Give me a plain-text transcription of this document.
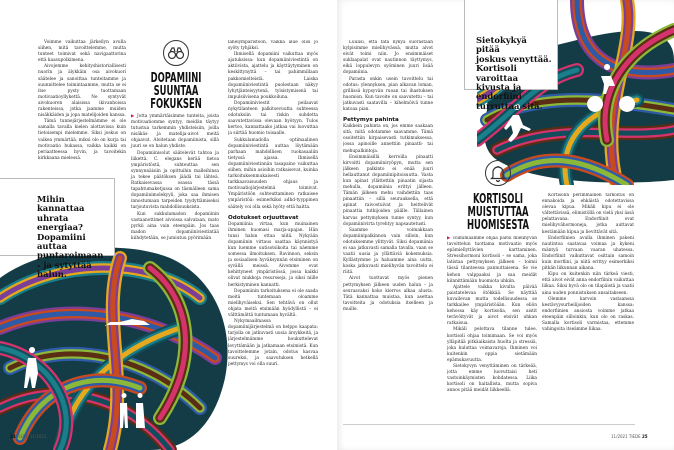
Voimme vaikuttaa järkeilyn avulla siihen, mitä tavoittelemme, mutta tunteet toimivat sekä navigaattorina että kaasupolkimena.

Aivojemme kehityshistoriallisesti nuorin ja älykkäin osa aivokuori säätelee ja sanoittaa tunteitamme ja suunnittelee toimintaamme, mutta se ei itse pysty tuottamaan motivaatioyllykettä. Ne syntyvät aivokuoren alaisissa ikivanhoissa rakenteissa, jotka jaamme muiden nisäkkäiden ja jopa matelijoiden kanssa.

Tämä tunnejärjestelmämme ei ole samalla tavalla kielen alottavissa kuin tietoisempi mielemme. Siksi joskus on vaikea ymmärtää, miksi olo on kurja tai motivaatio hukassa, vaikka kaikki on periaatteessa hyvin, ja tavoitekin kirkkaana mielessä.

DOPAMIINI
SUUNTAA
FOKUKSEN

▶ Jotta ymmärtäisimme tunteita, joista motivaatiomme syntyy, meidän täytyy tutustua tarkemmin yhdisteisiin, joilla nisäkäs- ja matelija-aivot meitä ohjaavat. Aloitetaan dopamiinista, sillä juuri se on halun yhdiste.

Dopamiinisolut säätelevät tahtoa ja liikettä. C. elegans kerää tietoa ympäristöstä, suhteuttaa sen synnynnäisiin ja opittuihin malleihinsa ja tekee päätöksen jäädä tai lähteä. Ratkaisevassa osassa tässä tapahtumaketjussa on täsmälleen sama dopamiinimolekyyli, joka saa ihmisen innostumaan tarpeiden tyydyttämiseksi tarjoutuvista mahdollisuuksista.

Kun sukkulamadon dopamiinin vastaanottimet aivoissa salvataan, mato pyrkii aina vain eteenpäin. Jos taas madon dopamiiniviestintää kiihdytetään, se jumiutuu pyörimään

läheiympäristöön, vaikka alue olisi jo syöty tyhjäksi.

Ihmisellä dopamiini vaikuttaa myös ajatuksissa: kun dopamiiniviestintä on aktiivista, ajattelu ja käyttäytyminen on keskittynyttä – tai pahimmillaan pakkomielteistä. Laiska dopamiiniviestintä puolestaan näkyy lyhytjänteisyytenä, tylsistymisenä tai impulsiivisena poukkoiluna.

Dopamiiniviestit peilaavat nykytilanteen palkitsevuutta suhteessa odotuksiin tai riskin suhdetta saavutettavissa olevaan hyötyyn. Tulos kertoo, kannattaako jatkaa vai luovuttaa ja siirtää huomio toisaalle.

Sukkulamadolla optimaalinen dopamiiniviestintä auttaa löytämään parhaan mahdollisen ruokasaaliin tietyssä ajassa. Ihmisellä dopamiiniviestinnän tasapaino vaikuttaa siihen, mihin asioihin ratkaisevat, kuinka tarkoituksenmukaisesti tarkkaavaisuuden ohjaus ja motivaatiojärjestelmä toimivat. Ympäristöön suhteuttaminen ratkaisee ympäristöä: esimerkiksi adhd-tyyppinen säätely voi olla sekä hyöty että haitta.

Odotukset orjuuttavat

Dopamiinia virtaa, kun muinainen ihminen huomasi marja-apajan. Hän tunsi halun ottaa niitä. Nykyään dopamiinin virtaus saattaa käynnistyä kun luemme uutisotsikoita tai näemme somessa ilmoituksen. Ravinnon, seksin ja sosiaalisen hyväksynnän etsiminen on syvällä meissä. Aivomme ovat kehittyneet ympäristössä, jossa kaikki olivat niukkoja resursseja, ja siksi niille herkistyminen kannatti.

Dopamiinin tarkoituksena ei ole saada meitä tuntemaan oloamme mielihyväiseksi. Sen tehtävä on ollut ohjata meitä etsimään hyödyllistä – ei välttämättä tuntumaan hyvältä.

Nykymaailmassa dopamiinijärjestelmä on helppo kaapata: tarjolla on jatkuvasti uusia ärsykkeitä, ja järjestelmämme houkuttelevat levyttämään ja jatkamaan etsimistä. Kun tavoittelemme jotain, odotus kasvaa suureksi, ja saavutuksen hetkellä pettymys voi olla suuri.

Mihin kannattaa
uhrata energiaa?
Dopamiini auttaa
puntaroimaan
- ja sytyttää halun.
24 TIEDE 11/2021

Luulisi, että tätä nykyä suorastaan kylpisimme mielihyvässä, mutta aivot eivät toimi niin. Jo ensimmäiset suklaapalat ovat nautinnon täyttymys, eikä loppulevyn syöminen juuri lisää dopamiinia.

Parasta onkin usein tavoittelu tai odotus: ylennyksen, pian alkavan loman, grillissä kypsyvän ruoan tai ihastuksen huomion. Kun tavoite on saavutettu – tai jatkuvasti saatavilla – kihelmöivä tunne katoaa pian.

Pettymys pahinta

Kaikkein pahinta on, jos emme saakaan sitä, mitä odotamme saavamme. Tämä osoitettiin kirpaisevasti tutkimuksessa, jossa apinoille annettiin pinaatti- tai mehupalkintoja.

Ensimmäisillä kerroilla pinaatti kirvoitti dopamiiniryöpyn, mutta sen jälkeen palkinto ei enää juuri hellauttanut dopamiinipitoisuutta. Vasta kun apinat yllättettiin pinaatin sijasta mehulla, dopamiinia erittyi jälleen. Tämän jälkeen mehu vaihdettiin taas pinaattiin – sillä seurauksella, että apinat raivostuivat ja heittelivät pinaattia tutkijoiden päälle. Tällainen karvas pettymyksen tunne syntyy, kun dopamiinivirta tyrehtyy napsautetusti.

Saamme voimakkaan dopamiinipalkinnon vain silloin, kun odotuksemme ylittyvät. Siksi dopamiinia ei saa jatkuvasti samalla tavalla, vaan se vaatii uusia ja yllättäviä kokemuksia. Kyllästymme ja haluamme aina uutta, koska jatkuvasti mielihyvän tavoittelu ei riitä.

Aivot tuottavat myös pienen pettymyksen jälkeen uuden halun – ja seuraavaksi koko kierros alkaa alusta. Tätä kannattaa muistaa, kun asettaa tavoitteita ja odotuksia itselleen ja muille.

Sietokykyä pitää
joskus venyttää.
Kortisoli varoittaa
kivusta ja endorfiini
turruttaa sitä.
KORTISOLI
MUISTUTTAA
HUOMISESTA

▶ Toimimaamme ohjaa paitsi mielihyvän tavoittelun tuottama motivaatio myös epämiellyttävien karttaminen. Stressihormoni kortisoli – se sama, joka latistaa pettymyksen jälkeen – toimii tässä tilanteessa pannuttaisena. Se vie kehon valppaaksi ja saa meidät kiinnittämään huomiota uhkiin.

Ajattele vaikka kivulta päivää paistatelevaa ötökkää. Se näyttää kuvailevan mutta todellisuudessa se tarkkailee ympäristöään. Kun eliön kehossa käy kortisolia, sen aistit terävöityvät ja aivot etsivät uhkan ratkaisua.

Mikäli pelottava tilanne tulee, kortisoli ohjaa toimimaan. Se voi myös ylläpitää pitkäaikaista huolta ja stressiä, joka kuluttaa voimavaroja. Ihminen voi kuitenkin oppia sietämään epämukavuutta.

Sietokyvyn venyttäminen on tärkeää, jotta emme luovuttaisi heti vastoinkäymisten kohdatessa. Liika kortisoli on haitallista, mutta sopiva annos pitää meidät liikkeellä.

Kortisolin perimmäinen tarkoitus on ennakoida ja ehkäistä odotettavissa olevaa kipua. Mikäli kipu ei ole vältettävissä, elimistöllä on vielä yksi ässä pelattavana. Endorfiinit ovat mielihyvähormoneja, jotka auttavat kestämään kipua ja lievittävät sitä.

Endorfiinien avulla ihminen pakeni nautintoa saatavaa voimaa ja kykeni mäntyä turvaan vaaran uhatessa. Endorfiinit vaikuttavat osittain samoin kuin morfiini, ja niitä erittyy esimerkiksi pitkän liikunnan aikana.

Kipu on kuitenkin niin tärkeä viesti, että aivot eivät anna endorfiinin vaikuttaa liikaa. Siksi hyvä olo on tilapäistä ja vaatii aina uuden ponnistuksen ansaitakseen.

Olemme karvoin vastaanssa kestävyysurheilijoiden kanssa: endorfiinien ansiosta voimme jatkaa eteenpäin silloinkin, kun olo on raskas. Samalla kortisoli varmistaa, ettemme vahingoita itseämme liikaa.

11/2021 TIEDE 25
